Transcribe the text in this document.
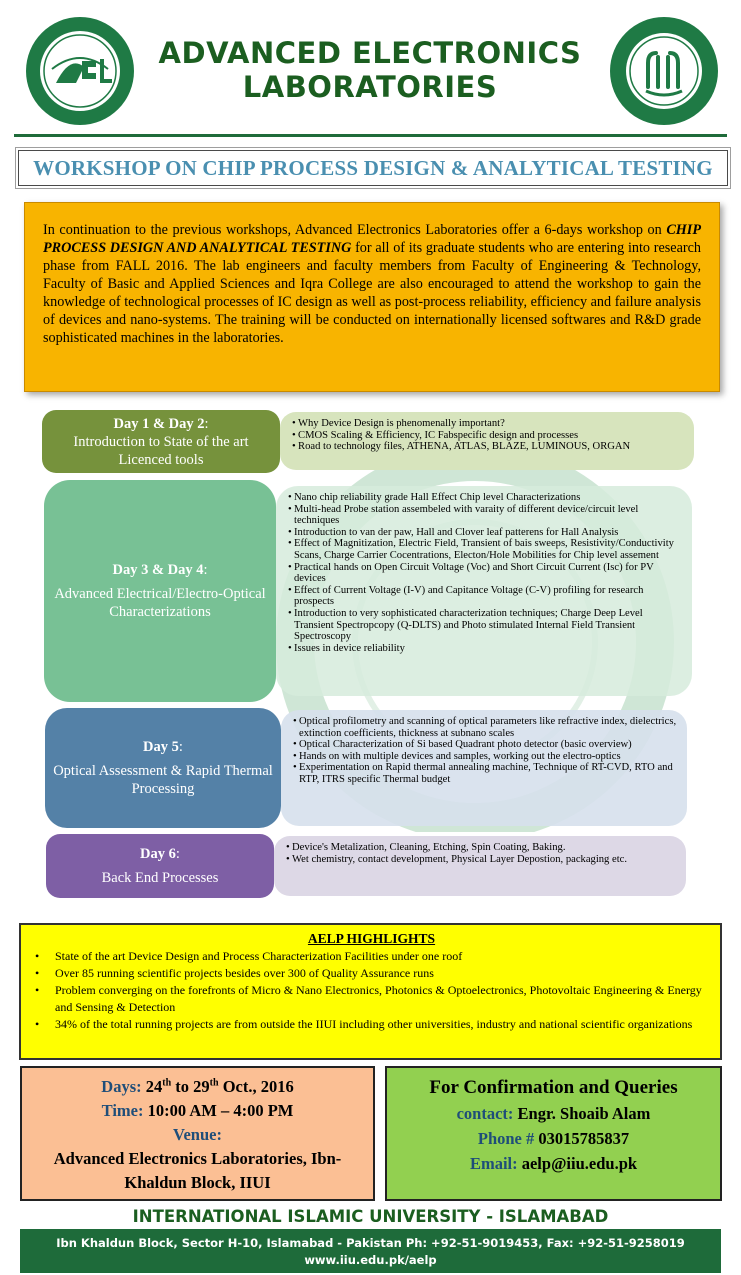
ADVANCED ELECTRONICS
LABORATORIES
WORKSHOP ON CHIP PROCESS DESIGN & ANALYTICAL TESTING
In continuation to the previous workshops, Advanced Electronics Laboratories offer a 6-days workshop on CHIP PROCESS DESIGN AND ANALYTICAL TESTING for all of its graduate students who are entering into research phase from FALL 2016. The lab engineers and faculty members from Faculty of Engineering & Technology, Faculty of Basic and Applied Sciences and Iqra College are also encouraged to attend the workshop to gain the knowledge of technological processes of IC design as well as post-process reliability, efficiency and failure analysis of devices and nano-systems. The training will be conducted on internationally licensed softwares and R&D grade sophisticated machines in the laboratories.
Day 1 & Day 2:
Introduction to State of the art Licenced tools
• Why Device Design is phenomenally important?
• CMOS Scaling & Efficiency, IC Fabspecific design and processes
• Road to technology files, ATHENA, ATLAS, BLAZE, LUMINOUS, ORGAN
Day 3 & Day 4:
Advanced Electrical/Electro-Optical Characterizations
• Nano chip reliability grade Hall Effect Chip level Characterizations
• Multi-head Probe station assembeled with varaity of different device/circuit level techniques
• Introduction to van der paw, Hall and Clover leaf patterens for Hall Analysis
• Effect of Magnitization, Electric Field, Transient of bais sweeps, Resistivity/Conductivity Scans, Charge Carrier Cocentrations, Electon/Hole Mobilities for Chip level assement
• Practical hands on Open Circuit Voltage (Voc) and Short Circuit Current (Isc) for PV devices
• Effect of Current Voltage (I-V) and Capitance Voltage (C-V) profiling for research prospects
• Introduction to very sophisticated characterization techniques; Charge Deep Level Transient Spectropcopy (Q-DLTS) and Photo stimulated Internal Field Transient Spectroscopy
• Issues in device reliability
Day 5:
Optical Assessment & Rapid Thermal Processing
• Optical profilometry and scanning of optical parameters like refractive index, dielectrics, extinction coefficients, thickness at subnano scales
• Optical Characterization of Si based Quadrant photo detector (basic overview)
• Hands on with multiple devices and samples, working out the electro-optics
• Experimentation on Rapid thermal annealing machine, Technique of RT-CVD, RTO and RTP, ITRS specific Thermal budget
Day 6:
Back End Processes
• Device's Metalization, Cleaning, Etching, Spin Coating, Baking.
• Wet chemistry, contact development, Physical Layer Depostion, packaging etc.
AELP HIGHLIGHTS
• State of the art Device Design and Process Characterization Facilities under one roof
• Over 85 running scientific projects besides over 300 of Quality Assurance runs
• Problem converging on the forefronts of Micro & Nano Electronics, Photonics & Optoelectronics, Photovoltaic Engineering & Energy and Sensing & Detection
• 34% of the total running projects are from outside the IIUI including other universities, industry and national scientific organizations
Days: 24th to 29th Oct., 2016
Time: 10:00 AM – 4:00 PM
Venue:
Advanced Electronics Laboratories, Ibn-
Khaldun Block, IIUI
For Confirmation and Queries
contact: Engr. Shoaib Alam
Phone # 03015785837
Email: aelp@iiu.edu.pk
INTERNATIONAL ISLAMIC UNIVERSITY - ISLAMABAD
Ibn Khaldun Block, Sector H-10, Islamabad - Pakistan Ph: +92-51-9019453, Fax: +92-51-9258019
www.iiu.edu.pk/aelp
